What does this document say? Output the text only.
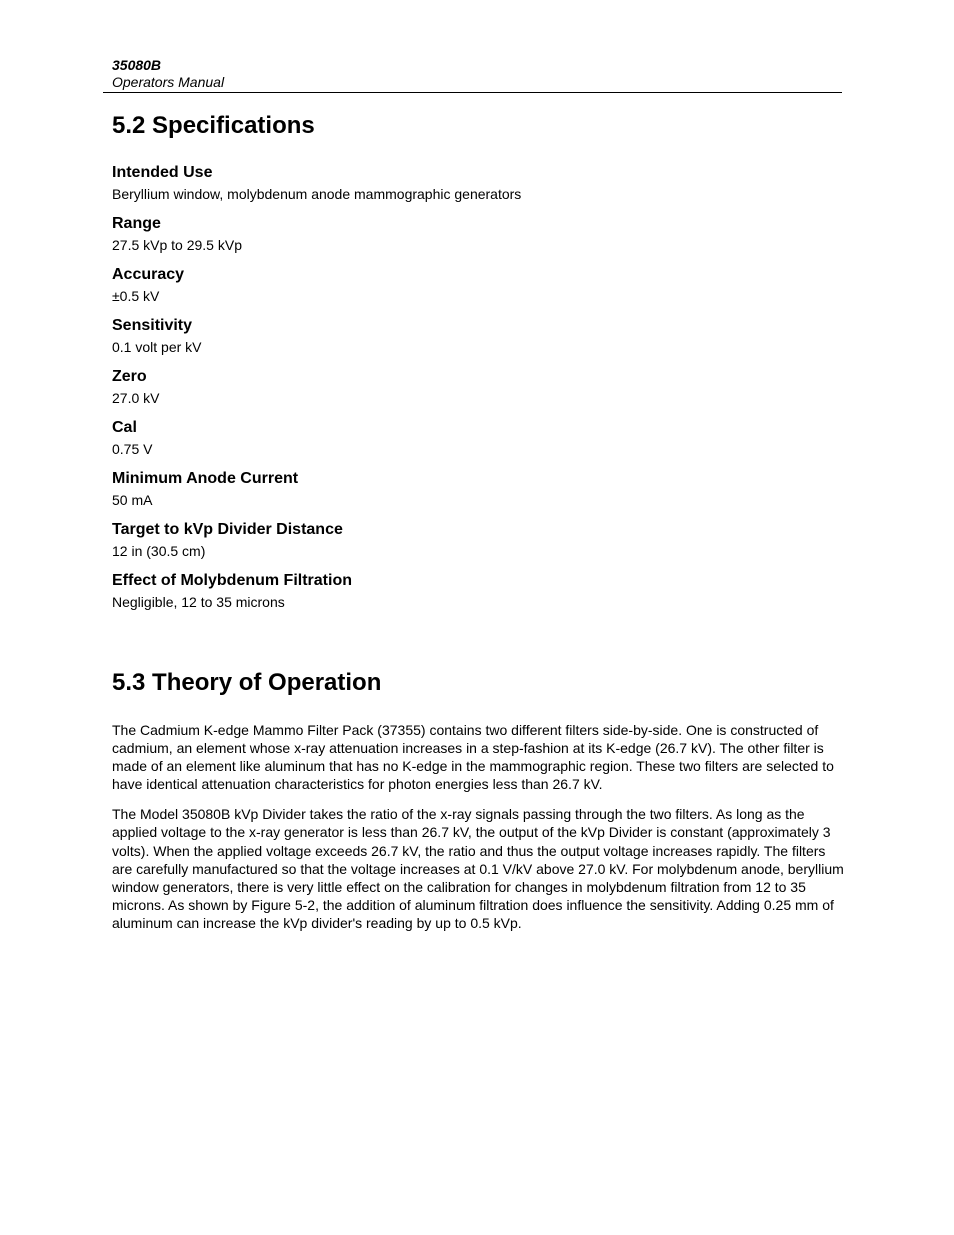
35080B
Operators Manual
5.2 Specifications

Intended Use

Beryllium window, molybdenum anode mammographic generators

Range

27.5 kVp to 29.5 kVp

Accuracy

±0.5 kV

Sensitivity

0.1 volt per kV

Zero

27.0 kV

Cal

0.75 V

Minimum Anode Current

50 mA

Target to kVp Divider Distance

12 in (30.5 cm)

Effect of Molybdenum Filtration

Negligible, 12 to 35 microns

5.3 Theory of Operation

The Cadmium K-edge Mammo Filter Pack (37355) contains two different filters side-by-side. One is constructed of cadmium, an element whose x-ray attenuation increases in a step-fashion at its K-edge (26.7 kV). The other filter is made of an element like aluminum that has no K-edge in the mammographic region. These two filters are selected to have identical attenuation characteristics for photon energies less than 26.7 kV.

The Model 35080B kVp Divider takes the ratio of the x-ray signals passing through the two filters. As long as the applied voltage to the x-ray generator is less than 26.7 kV, the output of the kVp Divider is constant (approximately 3 volts). When the applied voltage exceeds 26.7 kV, the ratio and thus the output voltage increases rapidly. The filters are carefully manufactured so that the voltage increases at 0.1 V/kV above 27.0 kV. For molybdenum anode, beryllium window generators, there is very little effect on the calibration for changes in molybdenum filtration from 12 to 35 microns. As shown by Figure 5-2, the addition of aluminum filtration does influence the sensitivity. Adding 0.25 mm of aluminum can increase the kVp divider's reading by up to 0.5 kVp.
